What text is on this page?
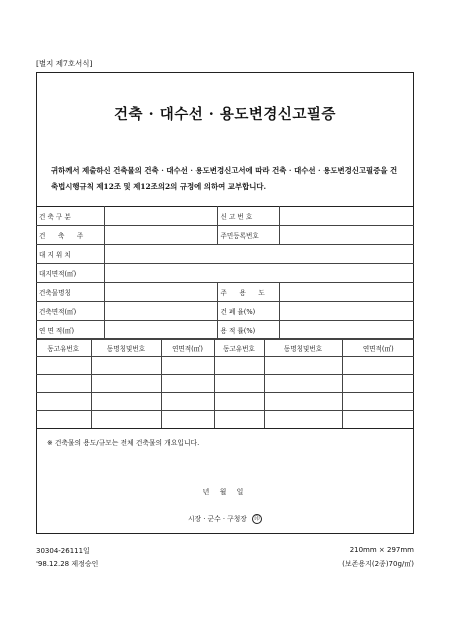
[별지 제7호서식]
건축 · 대수선 · 용도변경신고필증
귀하께서 제출하신 건축물의 건축 · 대수선 · 용도변경신고서에 따라 건축 · 대수선 · 용도변경신고필증을 건축법시행규칙 제12조 및 제12조의2의 규정에 의하여 교부합니다.
건 축 구 분		신 고 번 호	
건      축      주		주민등록번호	
대 지 위 치			
대지면적(㎡)			
건축물명칭		주      용      도	
건축면적(㎡)		건 폐 율(%)	
연 면 적(㎡)		용 적 률(%)	
동고유번호	동명칭및번호	연면적(㎡)	동고유번호	동명칭및번호	연면적(㎡)

※ 건축물의 용도/규모는 전체 건축물의 개요입니다.
년 월 일
시장 · 군수 · 구청장 印
30304-26111일
'98.12.28 제정승인
210mm × 297mm
(보존용지(2종)70g/㎡)
